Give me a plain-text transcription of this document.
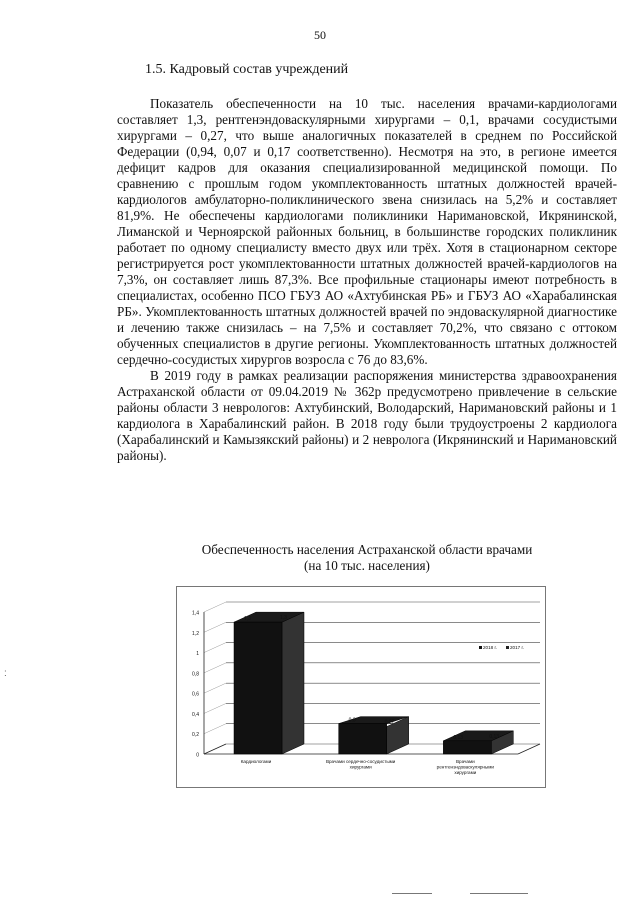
50
1.5. Кадровый состав учреждений

Показатель обеспеченности на 10 тыс. населения врачами-кардиологами составляет 1,3, рентгенэндоваскулярными хирургами – 0,1, врачами сосудистыми хирургами – 0,27, что выше аналогичных показателей в среднем по Российской Федерации (0,94, 0,07 и 0,17 соответственно). Несмотря на это, в регионе имеется дефицит кадров для оказания специализированной медицинской помощи. По сравнению с прошлым годом укомплектованность штатных должностей врачей-кардиологов амбулаторно-поликлинического звена снизилась на 5,2% и составляет 81,9%. Не обеспечены кардиологами поликлиники Наримановской, Икрянинской, Лиманской и Черноярской районных больниц, в большинстве городских поликлиник работает по одному специалисту вместо двух или трёх. Хотя в стационарном секторе регистрируется рост укомплектованности штатных должностей врачей-кардиологов на 7,3%, он составляет лишь 87,3%. Все профильные стационары имеют потребность в специалистах, особенно ПСО ГБУЗ АО «Ахтубинская РБ» и ГБУЗ АО «Харабалинская РБ». Укомплектованность штатных должностей врачей по эндоваскулярной диагностике и лечению также снизилась – на 7,5% и составляет 70,2%, что связано с оттоком обученных специалистов в другие регионы. Укомплектованность штатных должностей сердечно-сосудистых хирургов возросла с 76 до 83,6%.

В 2019 году в рамках реализации распоряжения министерства здравоохранения Астраханской области от 09.04.2019 № 362р предусмотрено привлечение в сельские районы области 3 неврологов: Ахтубинский, Володарский, Наримановский районы и 1 кардиолога в Харабалинский район. В 2018 году были трудоустроены 2 кардиолога (Харабалинский и Камызякский районы) и 2 невролога (Икрянинский и Наримановский районы).

Обеспеченность населения Астраханской области врачами
(на 10 тыс. населения)
0
0,2
0,4
0,6
0,8
1
1,2
1,4
1,3	1,3
0,3	0,27
0,13	0,13
Кардиологами	Врачами сердечно-сосудистыми
хирургами
Врачами
рентгенэндоваскулярными
хирургами
2018 г.	2017 г.
:
